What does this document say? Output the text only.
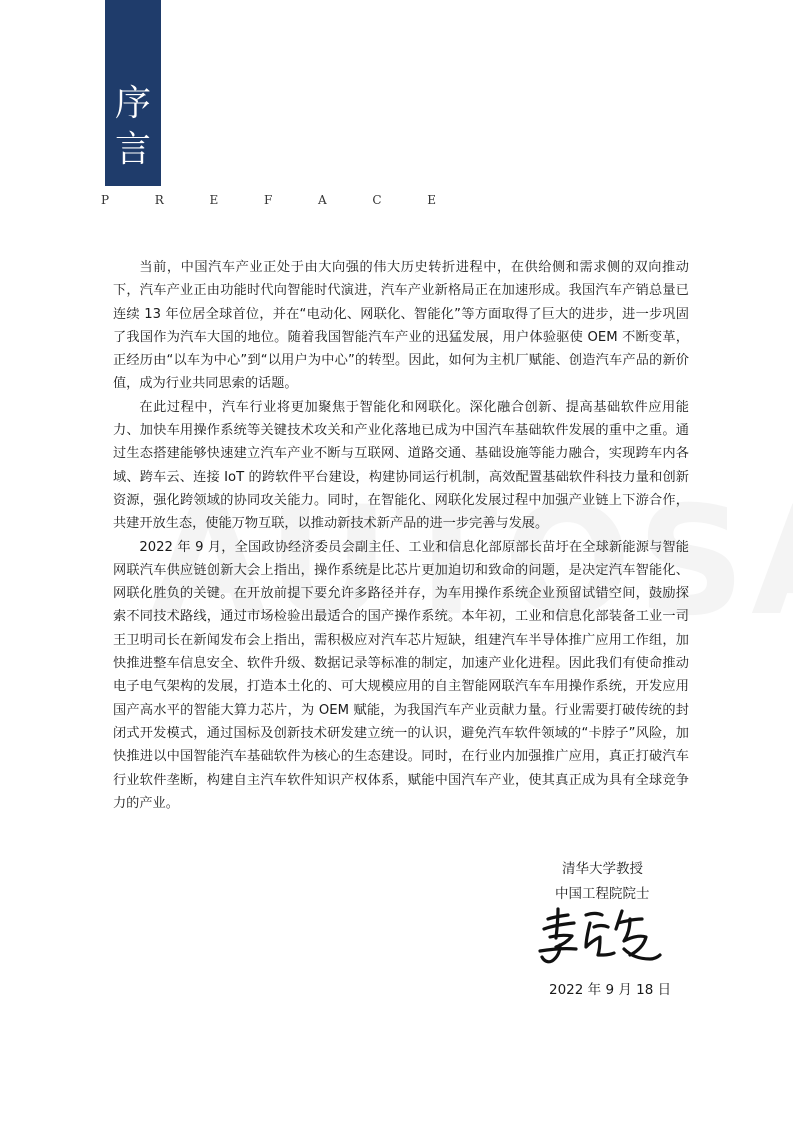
序
言
P	R	E	F	A	C	E

当前，中国汽车产业正处于由大向强的伟大历史转折进程中，在供给侧和需求侧的双向推动下，汽车产业正由功能时代向智能时代演进，汽车产业新格局正在加速形成。我国汽车产销总量已连续 13 年位居全球首位，并在“电动化、网联化、智能化”等方面取得了巨大的进步，进一步巩固了我国作为汽车大国的地位。随着我国智能汽车产业的迅猛发展，用户体验驱使 OEM 不断变革，正经历由“以车为中心”到“以用户为中心”的转型。因此，如何为主机厂赋能、创造汽车产品的新价值，成为行业共同思索的话题。

在此过程中，汽车行业将更加聚焦于智能化和网联化。深化融合创新、提高基础软件应用能力、加快车用操作系统等关键技术攻关和产业化落地已成为中国汽车基础软件发展的重中之重。通过生态搭建能够快速建立汽车产业不断与互联网、道路交通、基础设施等能力融合，实现跨车内各域、跨车云、连接 IoT 的跨软件平台建设，构建协同运行机制，高效配置基础软件科技力量和创新资源，强化跨领域的协同攻关能力。同时，在智能化、网联化发展过程中加强产业链上下游合作，共建开放生态，使能万物互联，以推动新技术新产品的进一步完善与发展。

2022 年 9 月，全国政协经济委员会副主任、工业和信息化部原部长苗圩在全球新能源与智能网联汽车供应链创新大会上指出，操作系统是比芯片更加迫切和致命的问题，是决定汽车智能化、网联化胜负的关键。在开放前提下要允许多路径并存，为车用操作系统企业预留试错空间，鼓励探索不同技术路线，通过市场检验出最适合的国产操作系统。本年初，工业和信息化部装备工业一司王卫明司长在新闻发布会上指出，需积极应对汽车芯片短缺，组建汽车半导体推广应用工作组，加快推进整车信息安全、软件升级、数据记录等标准的制定，加速产业化进程。因此我们有使命推动电子电气架构的发展，打造本土化的、可大规模应用的自主智能网联汽车车用操作系统，开发应用国产高水平的智能大算力芯片，为 OEM 赋能，为我国汽车产业贡献力量。行业需要打破传统的封闭式开发模式，通过国标及创新技术研发建立统一的认识，避免汽车软件领域的“卡脖子”风险，加快推进以中国智能汽车基础软件为核心的生态建设。同时，在行业内加强推广应用，真正打破汽车行业软件垄断，构建自主汽车软件知识产权体系，赋能中国汽车产业，使其真正成为具有全球竞争力的产业。

清华大学教授
中国工程院院士
2022 年 9 月 18 日
